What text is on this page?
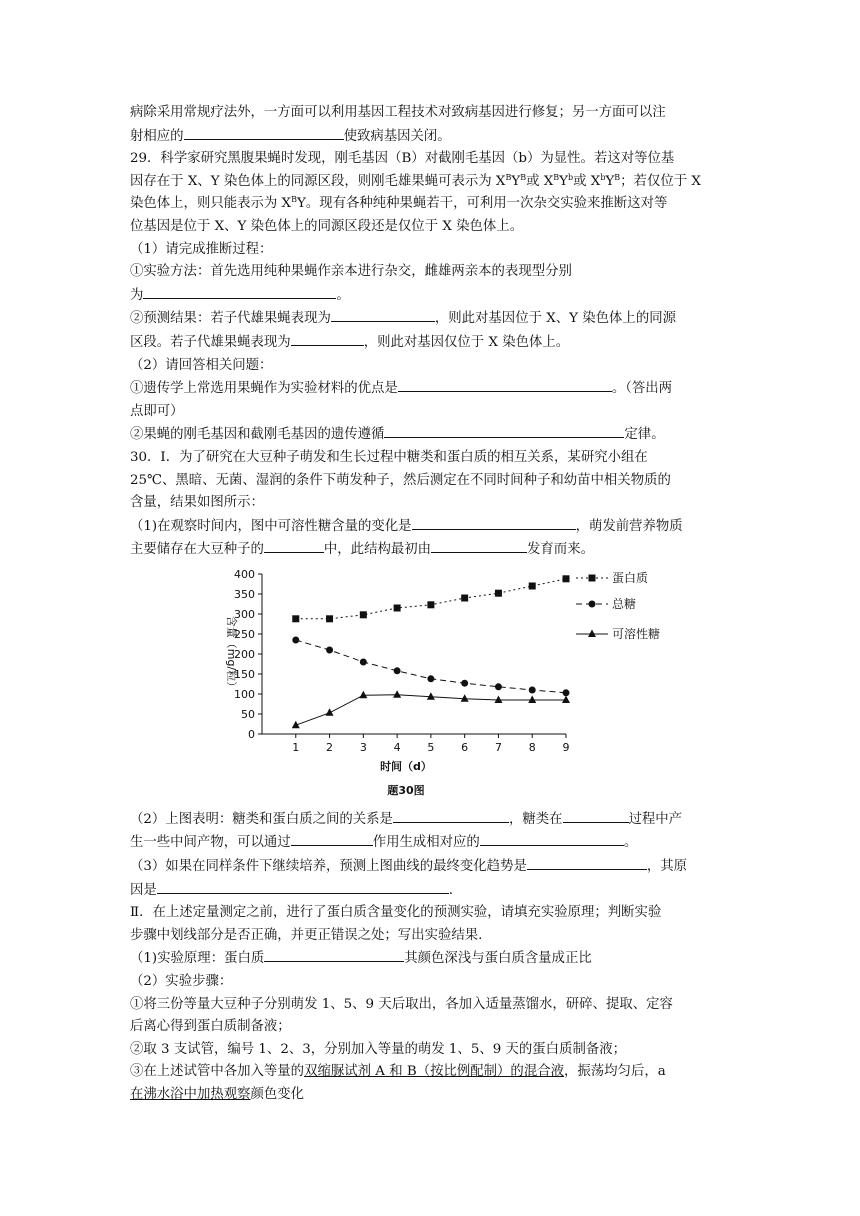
病除采用常规疗法外，一方面可以利用基因工程技术对致病基因进行修复；另一方面可以注

射相应的	使致病基因关闭。

29．科学家研究黑腹果蝇时发现，刚毛基因（B）对截刚毛基因（b）为显性。若这对等位基

因存在于 X、Y 染色体上的同源区段，则刚毛雄果蝇可表示为 $X^BY^B$或 $X^BY^b$或 $X^bY^B$；若仅位于 X

染色体上，则只能表示为 $X^BY$。现有各种纯种果蝇若干，可利用一次杂交实验来推断这对等

位基因是位于 X、Y 染色体上的同源区段还是仅位于 X 染色体上。

（1）请完成推断过程：

①实验方法：首先选用纯种果蝇作亲本进行杂交，雌雄两亲本的表现型分别

为	。

②预测结果：若子代雄果蝇表现为	，则此对基因位于 X、Y 染色体上的同源

区段。若子代雄果蝇表现为	，则此对基因仅位于 X 染色体上。

（2）请回答相关问题：

①遗传学上常选用果蝇作为实验材料的优点是	。（答出两

点即可）

②果蝇的刚毛基因和截刚毛基因的遗传遵循	定律。

30．Ⅰ．为了研究在大豆种子萌发和生长过程中糖类和蛋白质的相互关系，某研究小组在

25℃、黑暗、无菌、湿润的条件下萌发种子，然后测定在不同时间种子和幼苗中相关物质的

含量，结果如图所示：

（1)在观察时间内，图中可溶性糖含量的变化是	，萌发前营养物质

主要储存在大豆种子的	中，此结构最初由	发育而来。

0
50
100
150
200
250
300
350
400
1 2 3 4 5 6 7 8 9
蛋白质
总糖
可溶性糖
含量（mg/粒）
时间（d）
题30图

（2）上图表明：糖类和蛋白质之间的关系是	，糖类在	过程中产

生一些中间产物，可以通过	作用生成相对应的	。

（3）如果在同样条件下继续培养，预测上图曲线的最终变化趋势是	，其原

因是	.

Ⅱ．在上述定量测定之前，进行了蛋白质含量变化的预测实验，请填充实验原理；判断实验

步骤中划线部分是否正确，并更正错误之处；写出实验结果.

（1)实验原理：蛋白质	其颜色深浅与蛋白质含量成正比

（2）实验步骤：

①将三份等量大豆种子分别萌发 1、5、9 天后取出，各加入适量蒸馏水，研碎、提取、定容

后离心得到蛋白质制备液；

②取 3 支试管，编号 1、2、3，分别加入等量的萌发 1、5、9 天的蛋白质制备液；

③在上述试管中各加入等量的双缩脲试剂 A 和 B（按比例配制）的混合液，振荡均匀后，a

在沸水浴中加热观察颜色变化
